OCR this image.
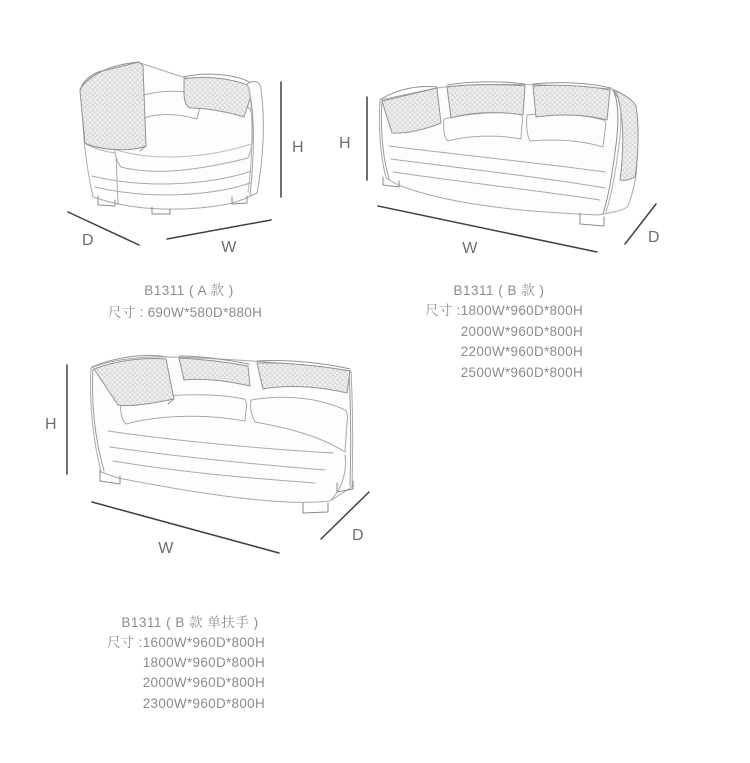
H
D	W
H
W
D
H
W
D
B1311 ( A 款 )
尺寸 : 690W*580D*880H
B1311 ( B 款 )
尺寸 : 1800W*960D*800H
2000W*960D*800H
2200W*960D*800H
2500W*960D*800H
B1311 ( B 款 单扶手 )
尺寸 : 1600W*960D*800H
1800W*960D*800H
2000W*960D*800H
2300W*960D*800H
